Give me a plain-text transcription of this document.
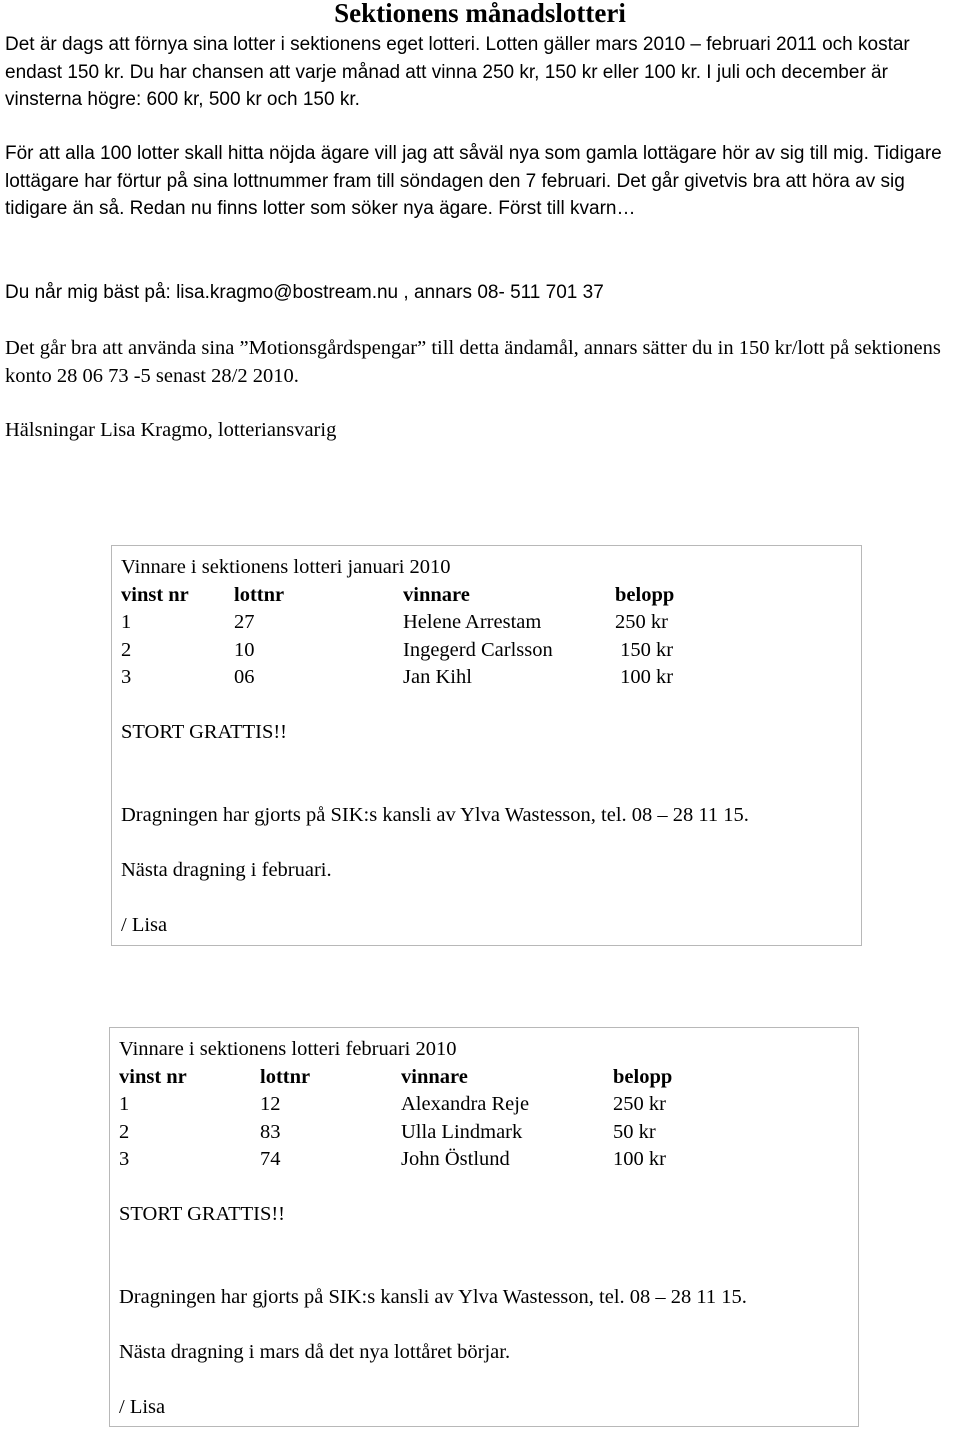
Sektionens månadslotteri

Det är dags att förnya sina lotter i sektionens eget lotteri. Lotten gäller mars 2010 – februari 2011 och kostar endast 150 kr. Du har chansen att varje månad att vinna 250 kr, 150 kr eller 100 kr. I juli och december är vinsterna högre: 600 kr, 500 kr och 150 kr.

För att alla 100 lotter skall hitta nöjda ägare vill jag att såväl nya som gamla lottägare hör av sig till mig. Tidigare lottägare har förtur på sina lottnummer fram till söndagen den 7 februari. Det går givetvis bra att höra av sig tidigare än så. Redan nu finns lotter som söker nya ägare. Först till kvarn…

Du når mig bäst på: lisa.kragmo@bostream.nu , annars 08- 511 701 37

Det går bra att använda sina ”Motionsgårdspengar” till detta ändamål, annars sätter du in 150 kr/lott på sektionens konto 28 06 73 -5 senast 28/2 2010.

Hälsningar Lisa Kragmo, lotteriansvarig

Vinnare i sektionens lotteri januari 2010
vinst nr	lottnr	vinnare	belopp
1	27	Helene Arrestam	250 kr
2	10	Ingegerd Carlsson	150 kr
3	06	Jan Kihl	100 kr
STORT GRATTIS!!
Dragningen har gjorts på SIK:s kansli av Ylva Wastesson, tel. 08 – 28 11 15.
Nästa dragning i februari.
/ Lisa
Vinnare i sektionens lotteri februari 2010
vinst nr	lottnr	vinnare	belopp
1	12	Alexandra Reje	250 kr
2	83	Ulla Lindmark	50 kr
3	74	John Östlund	100 kr
STORT GRATTIS!!
Dragningen har gjorts på SIK:s kansli av Ylva Wastesson, tel. 08 – 28 11 15.
Nästa dragning i mars då det nya lottåret börjar.
/ Lisa
